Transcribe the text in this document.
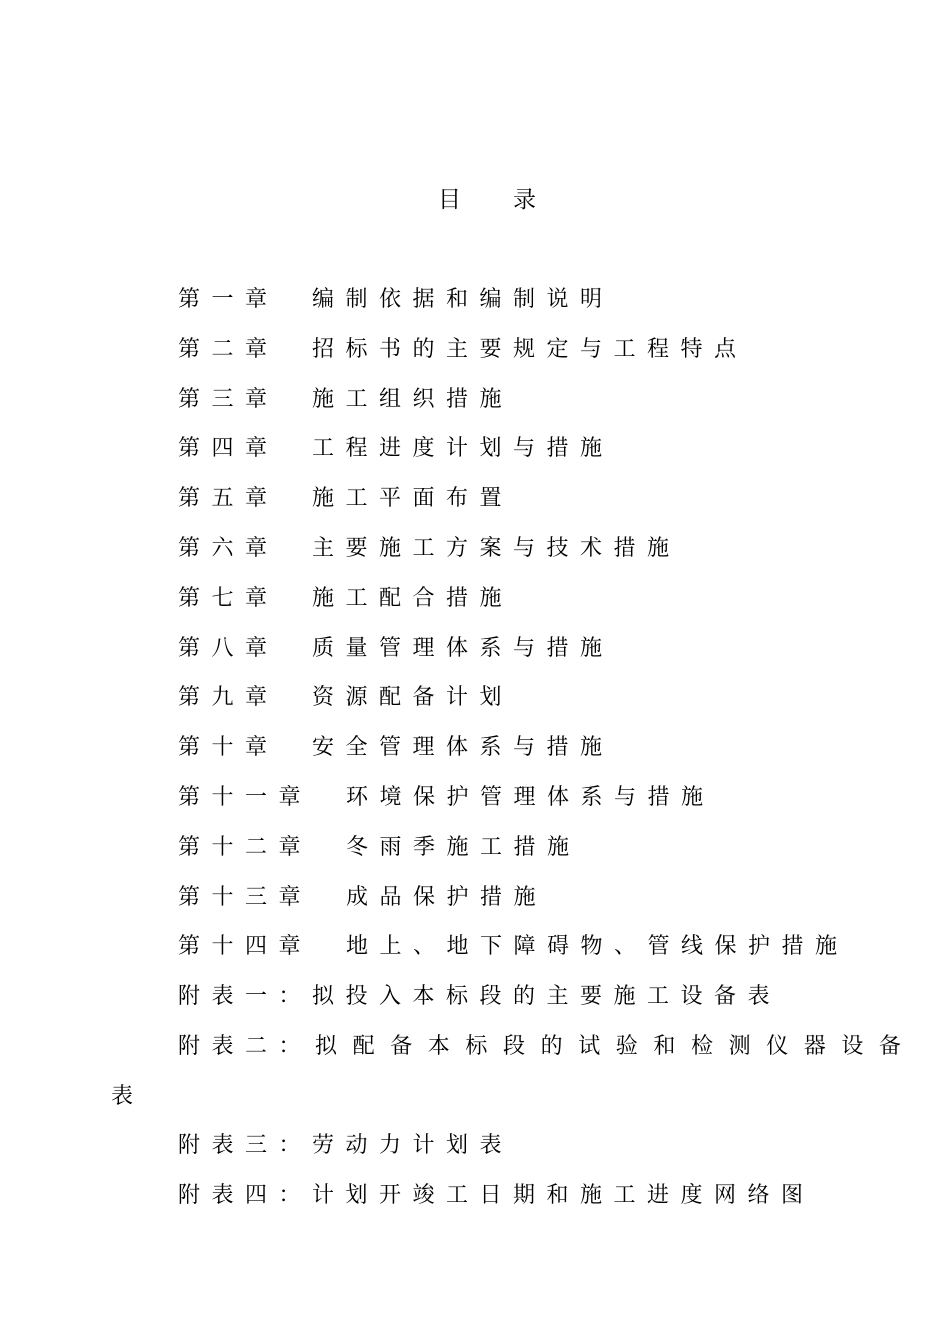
目 录
第一章 编制依据和编制说明
第二章 招标书的主要规定与工程特点
第三章 施工组织措施
第四章 工程进度计划与措施
第五章 施工平面布置
第六章 主要施工方案与技术措施
第七章 施工配合措施
第八章 质量管理体系与措施
第九章 资源配备计划
第十章 安全管理体系与措施
第十一章 环境保护管理体系与措施
第十二章 冬雨季施工措施
第十三章 成品保护措施
第十四章 地上、地下障碍物、管线保护措施
附表一： 拟投入本标段的主要施工设备表
附表二： 拟配备本标段的试验和检测仪器设备
表
附表三： 劳动力计划表
附表四： 计划开竣工日期和施工进度网络图
